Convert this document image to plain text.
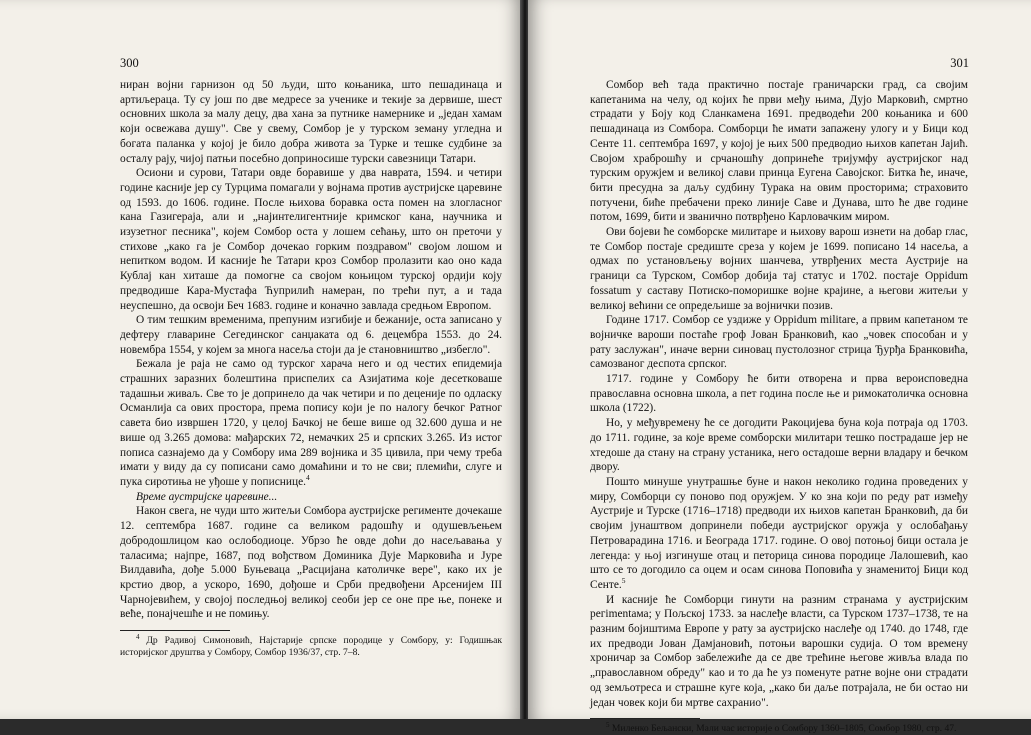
300

ниран војни гарнизон од 50 људи, што коњаника, што пешадинаца и артиљераца. Ту су још по две медресе за ученике и текије за дервише, шест основних школа за малу децу, два хана за путнике намернике и „један хамам који освежава душу". Све у свему, Сомбор је у турском земану угледна и богата паланка у којој је било добра живота за Турке и тешке судбине за осталу рају, чијој патњи посебно доприносише турски савезници Татари.

Осиони и сурови, Татари овде боравише у два наврата, 1594. и четири године касније јер су Турцима помагали у војнама против аустријске царевине од 1593. до 1606. године. После њихова боравка оста помен на злогласног кана Газигераја, али и „најинтелигентније кримског кана, научника и изузетног песника", којем Сомбор оста у лошем сећању, што он преточи у стихове „како га је Сомбор дочекао горким поздравом" својом лошом и непитком водом. И касније ће Татари кроз Сомбор пролазити као оно када Кублај кан хиташе да помогне са својом коњицом турској ордији коју предводише Кара-Мустафа Ћуприлић намеран, по трећи пут, а и тада неуспешно, да освоји Беч 1683. године и коначно завлада средњом Европом.

О тим тешким временима, препуним изгибије и бежаније, оста записано у дефтеру главарине Сегединског санџаката од 6. децембра 1553. до 24. новембра 1554, у којем за многа насеља стоји да је становништво „избегло".

Бежала је раја не само од турског харача него и од честих епидемија страшних заразних болештина приспелих са Азијатима које десетковаше тадашњи живаљ. Све то је допринело да чак четири и по деценије по одласку Османлија са ових простора, према попису који је по налогу бечког Ратног савета био извршен 1720, у целој Бачкој не беше више од 32.600 душа и не више од 3.265 домова: мађарских 72, немачких 25 и српских 3.265. Из истог пописа сазнајемо да у Сомбору има 289 војника и 35 цивила, при чему треба имати у виду да су пописани само домаћини и то не сви; племићи, слуге и пука сиротиња не уђоше у пописнице.$^4$

Време аустријске царевине...

Након свега, не чуди што житељи Сомбора аустријске регименте дочекаше 12. септембра 1687. године са великом радошћу и одушевљењем добродошлицом као ослободиоце. Убрзо ће овде доћи до насељавања у таласима; најпре, 1687, под вођством Доминика Дује Марковића и Јуре Вилдавића, дође 5.000 Буњеваца „Расцијана католичке вере", како их је крстио двор, а ускоро, 1690, дођоше и Срби предвођени Арсенијем III Чарнојевићем, у својој последњој великој сеоби јер се оне пре ње, понеке и веће, понајчешће и не помињу.

$^4$ Др Радивој Симоновић, Најстарије српске породице у Сомбору, у: Годишњак историјског друштва у Сомбору, Сомбор 1936/37, стр. 7–8.

301

Сомбор већ тада практично постаје граничарски град, са својим капетанима на челу, од којих ће први међу њима, Дујо Марковић, смртно страдати у Боју код Сланкамена 1691. предводећи 200 коњаника и 600 пешадинаца из Сомбора. Сомборци ће имати запажену улогу и у Бици код Сенте 11. септембра 1697, у којој је њих 500 предводио њихов капетан Јајић. Својом храброшћу и срчаношћу допринеће тријумфу аустријског над турским оружјем и великој слави принца Еугена Савојског. Битка ће, иначе, бити пресудна за даљу судбину Турака на овим просторима; страховито потучени, биће пребачени преко линије Саве и Дунава, што ће две године потом, 1699, бити и званично потврђено Карловачким миром.

Ови бојеви ће сомборске милитаре и њихову варош изнети на добар глас, те Сомбор постаје средиште среза у којем је 1699. пописано 14 насеља, а одмах по установљењу војних шанчева, утврђених места Аустрије на граници са Турском, Сомбор добија тај статус и 1702. постаје Oppidum fossatum у саставу Потиско-поморишке војне крајине, а његови житељи у великој већини се опредељише за војнички позив.

Године 1717. Сомбор се уздиже у Oppidum militare, а првим капетаном те војничке вароши постаће гроф Јован Бранковић, као „човек способан и у рату заслужан", иначе верни синовац пустолозног стрица Ђурђа Бранковића, самозваног деспота српског.

1717. године у Сомбору ће бити отворена и прва вероисповедна православна основна школа, а пет година после ње и римокатоличка основна школа (1722).

Но, у међувремену ће се догодити Ракоцијева буна која потраја од 1703. до 1711. године, за које време сомборски милитари тешко пострадаше јер не хтедоше да стану на страну устаника, него остадоше верни владару и бечком двору.

Пошто минуше унутрашње буне и након неколико година проведених у миру, Сомборци су поново под оружјем. У ко зна који по реду рат између Аустрије и Турске (1716–1718) предводи их њихов капетан Бранковић, да би својим јунаштвом допринели победи аустријског оружја у ослобађању Петроварадина 1716. и Београда 1717. године. О овој потоњој бици остала је легенда: у њој изгинуше отац и петорица синова породице Лалошевић, као што се то догодило са оцем и осам синова Поповића у знаменитој Бици код Сенте.$^5$

И касније ће Сомборци гинути на разним странама у аустријским регimentама; у Пољској 1733. за наслеђе власти, са Турском 1737–1738, те на разним бојиштима Европе у рату за аустријско наслеђе од 1740. до 1748, где их предводи Јован Дамјановић, потоњи варошки судија. О том времену хроничар за Сомбор забележиће да се две трећине његове живља влада по „православном обреду" као и то да ће уз поменуте ратне војне они страдати од земљотреса и страшне куге која, „како би даље потрајала, не би остао ни један човек који би мртве сахранио".

$^5$ Миленко Бељански, Мали час историје о Сомбору 1360–1805, Сомбор 1980, стр. 47.
